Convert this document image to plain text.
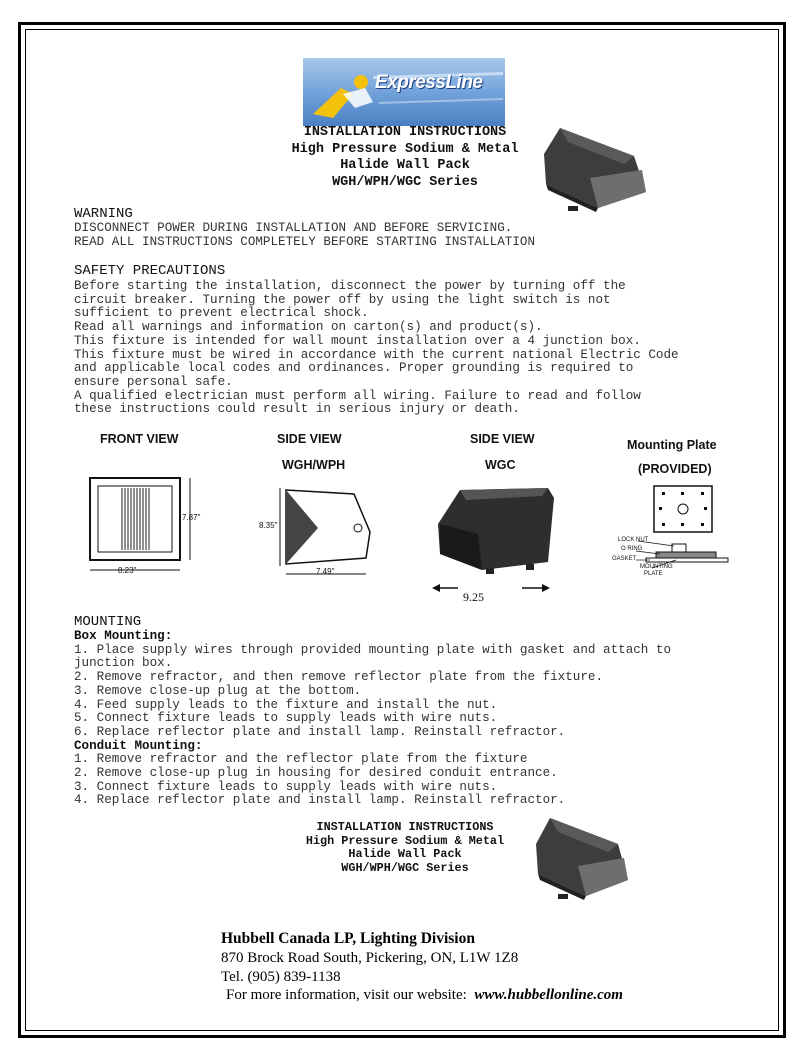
ExpressLine
INSTALLATION INSTRUCTIONS
High Pressure Sodium & Metal
Halide Wall Pack
WGH/WPH/WGC Series
WARNING
DISCONNECT POWER DURING INSTALLATION AND BEFORE SERVICING.
READ ALL INSTRUCTIONS COMPLETELY BEFORE STARTING INSTALLATION
SAFETY PRECAUTIONS
Before starting the installation, disconnect the power by turning off the
circuit breaker. Turning the power off by using the light switch is not
sufficient to prevent electrical shock.
Read all warnings and information on carton(s) and product(s).
This fixture is intended for wall mount installation over a 4 junction box.
This fixture must be wired in accordance with the current national Electric Code
and applicable local codes and ordinances. Proper grounding is required to
ensure personal safe.
A qualified electrician must perform all wiring. Failure to read and follow
these instructions could result in serious injury or death.
FRONT VIEW
7.87"
8.23"
SIDE VIEW
WGH/WPH
8.35"
7.49"
SIDE VIEW
WGC
9.25
Mounting Plate
(PROVIDED)
LOCK NUT
O RING
GASKET
MOUNTING
PLATE
MOUNTING
Box Mounting:
1. Place supply wires through provided mounting plate with gasket and attach to
junction box.
2. Remove refractor, and then remove reflector plate from the fixture.
3. Remove close-up plug at the bottom.
4. Feed supply leads to the fixture and install the nut.
5. Connect fixture leads to supply leads with wire nuts.
6. Replace reflector plate and install lamp. Reinstall refractor.
Conduit Mounting:
1. Remove refractor and the reflector plate from the fixture
2. Remove close-up plug in housing for desired conduit entrance.
3. Connect fixture leads to supply leads with wire nuts.
4. Replace reflector plate and install lamp. Reinstall refractor.
INSTALLATION INSTRUCTIONS
High Pressure Sodium & Metal
Halide Wall Pack
WGH/WPH/WGC Series
Hubbell Canada LP, Lighting Division
870 Brock Road South, Pickering, ON, L1W 1Z8
Tel. (905) 839-1138
For more information, visit our website: www.hubbellonline.com
